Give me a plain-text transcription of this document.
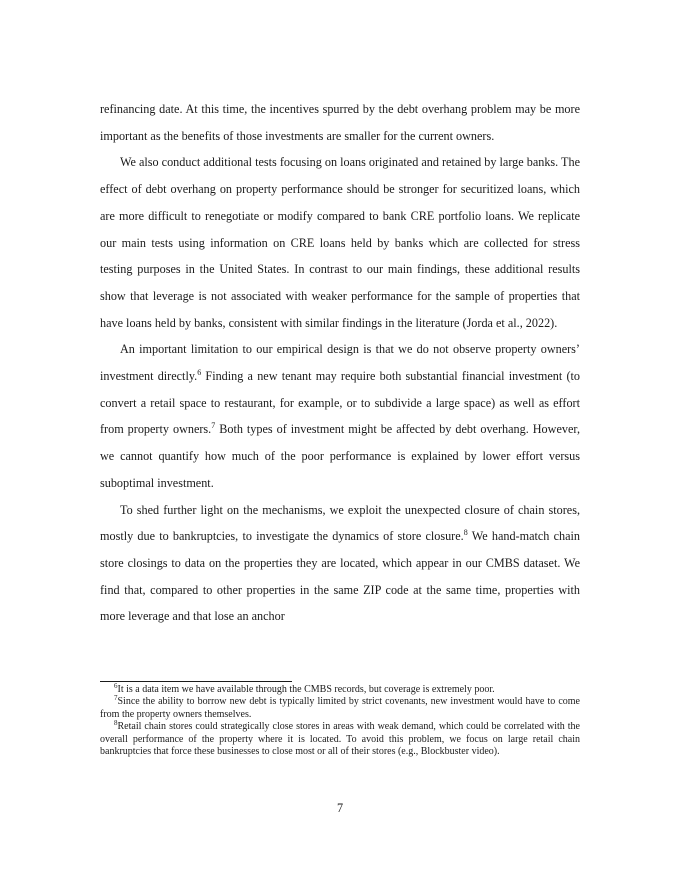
refinancing date. At this time, the incentives spurred by the debt overhang problem may be more important as the benefits of those investments are smaller for the current owners.

We also conduct additional tests focusing on loans originated and retained by large banks. The effect of debt overhang on property performance should be stronger for securitized loans, which are more difficult to renegotiate or modify compared to bank CRE portfolio loans. We replicate our main tests using information on CRE loans held by banks which are collected for stress testing purposes in the United States. In contrast to our main findings, these additional results show that leverage is not associated with weaker performance for the sample of properties that have loans held by banks, consistent with similar findings in the literature (Jorda et al., 2022).

An important limitation to our empirical design is that we do not observe property owners’ investment directly.$^6$ Finding a new tenant may require both substantial financial investment (to convert a retail space to restaurant, for example, or to subdivide a large space) as well as effort from property owners.$^7$ Both types of investment might be affected by debt overhang. However, we cannot quantify how much of the poor performance is explained by lower effort versus suboptimal investment.

To shed further light on the mechanisms, we exploit the unexpected closure of chain stores, mostly due to bankruptcies, to investigate the dynamics of store closure.$^8$ We hand-match chain store closings to data on the properties they are located, which appear in our CMBS dataset. We find that, compared to other properties in the same ZIP code at the same time, properties with more leverage and that lose an anchor

$^6$It is a data item we have available through the CMBS records, but coverage is extremely poor.

$^7$Since the ability to borrow new debt is typically limited by strict covenants, new investment would have to come from the property owners themselves.

$^8$Retail chain stores could strategically close stores in areas with weak demand, which could be correlated with the overall performance of the property where it is located. To avoid this problem, we focus on large retail chain bankruptcies that force these businesses to close most or all of their stores (e.g., Blockbuster video).

7
